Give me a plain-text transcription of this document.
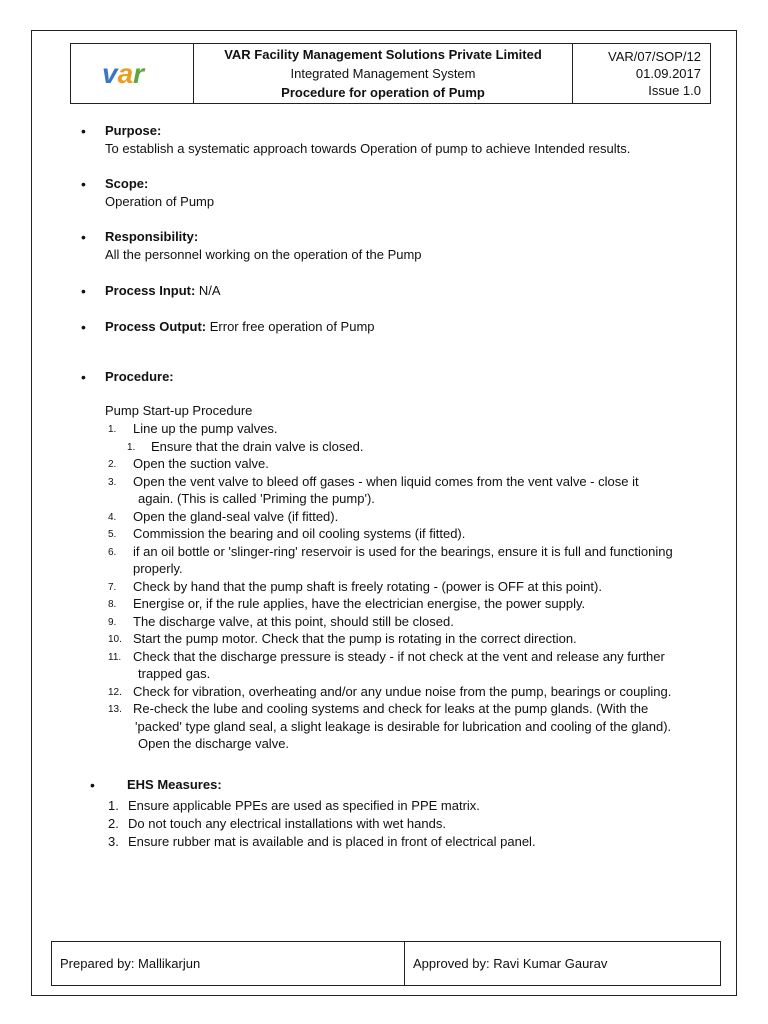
var
VAR Facility Management Solutions Private Limited
Integrated Management System
Procedure for operation of Pump
VAR/07/SOP/12
01.09.2017
Issue 1.0
• Purpose:
To establish a systematic approach towards Operation of pump to achieve Intended results.
• Scope:
Operation of Pump
• Responsibility:
All the personnel working on the operation of the Pump
• Process Input: N/A
• Process Output: Error free operation of Pump
• Procedure:
Pump Start-up Procedure
1.	Line up the pump valves.
1.	Ensure that the drain valve is closed.
2.	Open the suction valve.
3.	Open the vent valve to bleed off gases - when liquid comes from the vent valve - close it
again. (This is called 'Priming the pump').
4.	Open the gland-seal valve (if fitted).
5.	Commission the bearing and oil cooling systems (if fitted).
6.	if an oil bottle or 'slinger-ring' reservoir is used for the bearings, ensure it is full and functioning
properly.
7.	Check by hand that the pump shaft is freely rotating - (power is OFF at this point).
8.	Energise or, if the rule applies, have the electrician energise, the power supply.
9.	The discharge valve, at this point, should still be closed.
10. Start the pump motor. Check that the pump is rotating in the correct direction.
11. Check that the discharge pressure is steady - if not check at the vent and release any further
trapped gas.
12. Check for vibration, overheating and/or any undue noise from the pump, bearings or coupling.
13. Re-check the lube and cooling systems and check for leaks at the pump glands. (With the
'packed' type gland seal, a slight leakage is desirable for lubrication and cooling of the gland).
Open the discharge valve.
• EHS Measures:
1. Ensure applicable PPEs are used as specified in PPE matrix.
2. Do not touch any electrical installations with wet hands.
3. Ensure rubber mat is available and is placed in front of electrical panel.
Prepared by: Mallikarjun	Approved by: Ravi Kumar Gaurav
